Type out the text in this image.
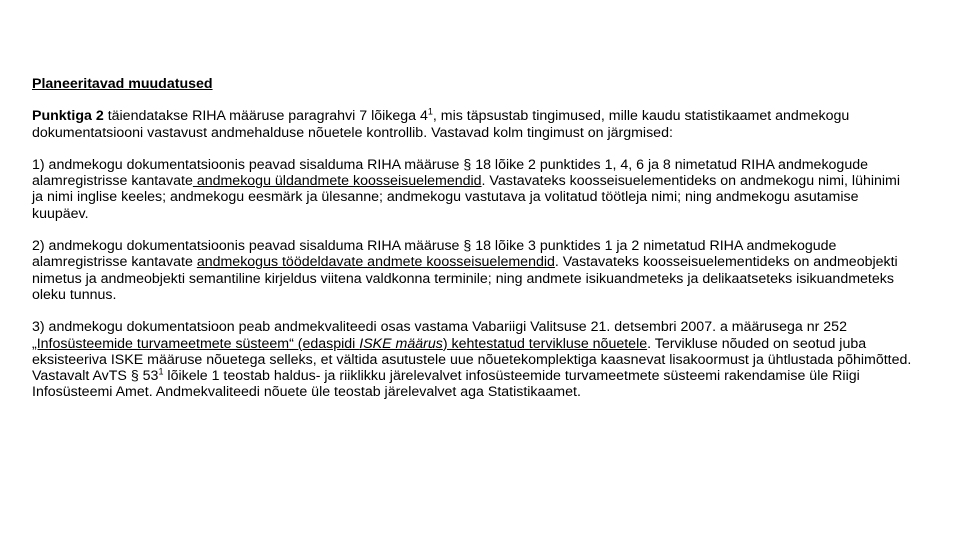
Planeeritavad muudatused

Punktiga 2 täiendatakse RIHA määruse paragrahvi 7 lõikega $4^1$, mis täpsustab tingimused, mille kaudu statistikaamet andmekogu dokumentatsiooni vastavust andmehalduse nõuetele kontrollib. Vastavad kolm tingimust on järgmised:

1) andmekogu dokumentatsioonis peavad sisalduma RIHA määruse § 18 lõike 2 punktides 1, 4, 6 ja 8 nimetatud RIHA andmekogude alamregistrisse kantavate andmekogu üldandmete koosseisuelemendid. Vastavateks koosseisuelementideks on andmekogu nimi, lühinimi ja nimi inglise keeles; andmekogu eesmärk ja ülesanne; andmekogu vastutava ja volitatud töötleja nimi; ning andmekogu asutamise kuupäev.

2) andmekogu dokumentatsioonis peavad sisalduma RIHA määruse § 18 lõike 3 punktides 1 ja 2 nimetatud RIHA andmekogude alamregistrisse kantavate andmekogus töödeldavate andmete koosseisuelemendid. Vastavateks koosseisuelementideks on andmeobjekti nimetus ja andmeobjekti semantiline kirjeldus viitena valdkonna terminile; ning andmete isikuandmeteks ja delikaatseteks isikuandmeteks oleku tunnus.

3) andmekogu dokumentatsioon peab andmekvaliteedi osas vastama Vabariigi Valitsuse 21. detsembri 2007. a määrusega nr 252 „Infosüsteemide turvameetmete süsteem“ (edaspidi ISKE määrus) kehtestatud tervikluse nõuetele. Tervikluse nõuded on seotud juba eksisteeriva ISKE määruse nõuetega selleks, et vältida asutustele uue nõuetekomplektiga kaasnevat lisakoormust ja ühtlustada põhimõtted. Vastavalt AvTS § $53^1$ lõikele 1 teostab haldus- ja riiklikku järelevalvet infosüsteemide turvameetmete süsteemi rakendamise üle Riigi Infosüsteemi Amet. Andmekvaliteedi nõuete üle teostab järelevalvet aga Statistikaamet.
